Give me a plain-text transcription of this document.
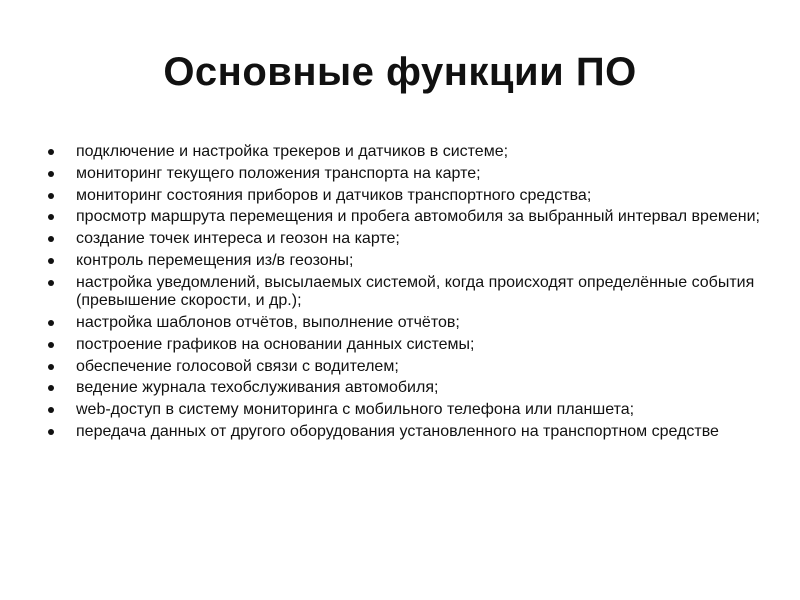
Основные функции ПО
подключение и настройка трекеров и датчиков в системе;
мониторинг текущего положения транспорта на карте;
мониторинг состояния приборов и датчиков транспортного средства;
просмотр маршрута перемещения и пробега автомобиля за выбранный интервал времени;
создание точек интереса и геозон на карте;
контроль перемещения из/в геозоны;
настройка уведомлений, высылаемых системой, когда происходят определённые события (превышение скорости, и др.);
настройка шаблонов отчётов, выполнение отчётов;
построение графиков на основании данных системы;
обеспечение голосовой связи с водителем;
ведение журнала техобслуживания автомобиля;
web-доступ в систему мониторинга с мобильного телефона или планшета;
передача данных от другого оборудования установленного на транспортном средстве
